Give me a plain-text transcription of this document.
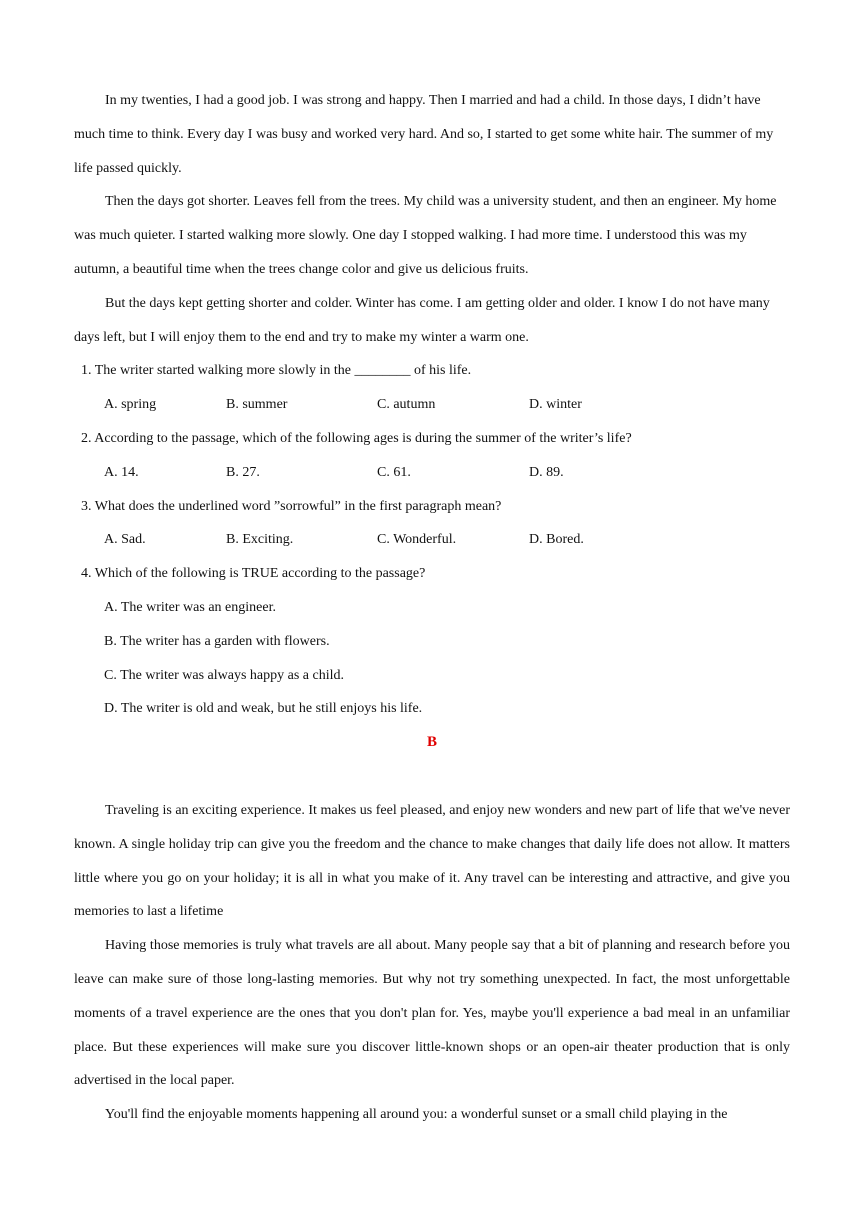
In my twenties, I had a good job. I was strong and happy. Then I married and had a child. In those days, I didn’t have much time to think. Every day I was busy and worked very hard. And so, I started to get some white hair. The summer of my life passed quickly.

Then the days got shorter. Leaves fell from the trees. My child was a university student, and then an engineer. My home was much quieter. I started walking more slowly. One day I stopped walking. I had more time. I understood this was my autumn, a beautiful time when the trees change color and give us delicious fruits.

But the days kept getting shorter and colder. Winter has come. I am getting older and older. I know I do not have many days left, but I will enjoy them to the end and try to make my winter a warm one.

1. The writer started walking more slowly in the ________ of his life.
A. spring	B. summer	C. autumn	D. winter
2. According to the passage, which of the following ages is during the summer of the writer’s life?
A. 14.	B. 27.	C. 61.	D. 89.
3. What does the underlined word ”sorrowful” in the first paragraph mean?
A. Sad.	B. Exciting.	C. Wonderful.	D. Bored.
4. Which of the following is TRUE according to the passage?
A. The writer was an engineer.
B. The writer has a garden with flowers.
C. The writer was always happy as a child.
D. The writer is old and weak, but he still enjoys his life.
B

Traveling is an exciting experience. It makes us feel pleased, and enjoy new wonders and new part of life that we've never known. A single holiday trip can give you the freedom and the chance to make changes that daily life does not allow. It matters little where you go on your holiday; it is all in what you make of it. Any travel can be interesting and attractive, and give you memories to last a lifetime

Having those memories is truly what travels are all about. Many people say that a bit of planning and research before you leave can make sure of those long-lasting memories. But why not try something unexpected. In fact, the most unforgettable moments of a travel experience are the ones that you don't plan for. Yes, maybe you'll experience a bad meal in an unfamiliar place. But these experiences will make sure you discover little-known shops or an open-air theater production that is only advertised in the local paper.

You'll find the enjoyable moments happening all around you: a wonderful sunset or a small child playing in the
